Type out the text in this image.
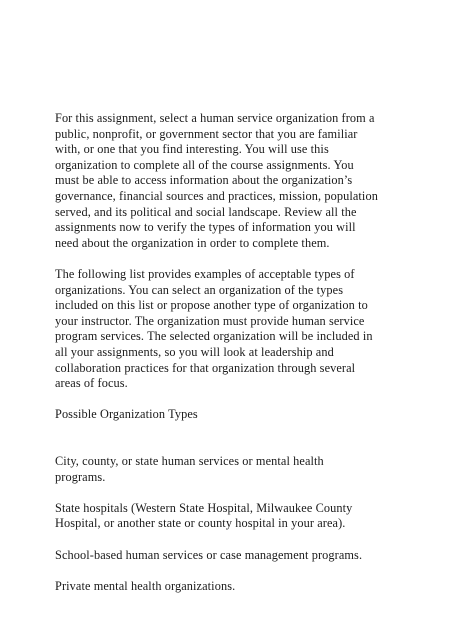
For this assignment, select a human service organization from a
public, nonprofit, or government sector that you are familiar
with, or one that you find interesting. You will use this
organization to complete all of the course assignments. You
must be able to access information about the organization’s
governance, financial sources and practices, mission, population
served, and its political and social landscape. Review all the
assignments now to verify the types of information you will
need about the organization in order to complete them.
The following list provides examples of acceptable types of
organizations. You can select an organization of the types
included on this list or propose another type of organization to
your instructor. The organization must provide human service
program services. The selected organization will be included in
all your assignments, so you will look at leadership and
collaboration practices for that organization through several
areas of focus.
Possible Organization Types
City, county, or state human services or mental health
programs.
State hospitals (Western State Hospital, Milwaukee County
Hospital, or another state or county hospital in your area).
School-based human services or case management programs.
Private mental health organizations.
